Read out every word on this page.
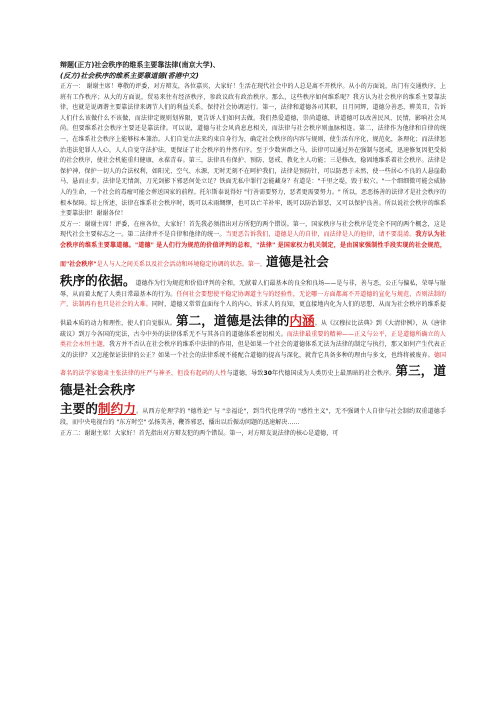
辩题(正方)社会秩序的维系主要靠法律(南京大学)、

(反方)社会秩序的维系主要靠道德(香港中文)

正方一： 谢谢主席！尊敬的评委，对方辩友，各位嘉宾，大家好！生活在现代社会中的人总是离不开秩序。从小的方面说，出门有交通秩序，上班有工作秩序；从大的方面说，贸易来往有经济秩序，参政议政有政治秩序。那么，这些秩序如何维系呢？我方认为社会秩序的维系主要靠法律，也就是说调谐主要靠法律来调节人们的利益关系，保持社会协调运行。第一，法律和道德各司其职，日月同辉，道德分善恶，辨美丑，告诉人们什么该做什么不该做，而法律定规则划界限，更告诉人们如何去做。我们热爱道德，崇尚道德，讲道德可以改善民风、民情，影响社会风尚。但要维系社会秩序主要还是靠法律。可以说，道德与社会风尚息息相关，而法律与社会秩序则血脉相连。第二，法律作为他律和自律的统一，在维系社会秩序上能够标本兼治。人们自觉立法来约束自身行为，确定社会秩序的内容与规则，使生活有序化，规范化，条理化；而法律惩治违法犯罪人人心，人人自觉守法护法，更保证了社会秩序的井然有序。至于少数害群之马，法律可以通过外在强制与惩戒，迅速修复因犯受损的社会秩序，使社会机能重归健康，永葆青春。第三，法律具有保护、预防、惩戒、教化主人功能；三是修改，稳固地维系着社会秩序。法律是保护神，保护一切人的合法权利，如阳光、空气、水源，无时无刻不在呵护我们，法律是预防针，可以防患于未然，使一些居心不良的人悬崖勒马，悬而止步。法律是无情剑，刀光剑影下邪恶何处立足？铁面无私中罪行怎能藏身？有道是："千里之堤，毁于蚁穴。"一个细细微可能会威胁人的生命，一个社会的毒瘤可能会葬送国家的前程。托尔斯泰说得好 "行善需要努力，恶者更需要努力。" 所以，恶恶扬善的法律才是社会秩序的根本保障。综上所述，法律在维系社会秩序时，既可以未雨绸缪，也可以亡羊补牢，既可以防治罪恶，又可以保护良善。所以说社会秩序的维系主要靠法律！谢谢各位！

反方一：谢谢主席！评委，在座各位，大家好！首先我必须指出对方所犯的两个错误。第一，国家秩序与社会秩序是完全不同的两个概念，这是现代社会主要标志之一。第二法律并不是自律和他律的统一。当更恶告诉我们，道德是人的自律，而法律是人的他律，请不要混淆。我方认为社会秩序的维系主要靠道德。"道德" 是人们行为规范的价值评判的总和，"法律" 是国家权力机关制定，是由国家强制性手段实现的社会规范，而"社会秩序"是人与人之间关系以及社会活动和环境稳定协调的状态。第一，道德是社会
秩序的依据。道德作为行为规范和价值评判的全和，无献着人们最基本的良全和良场——是与非，善与恶，公正与偏私，荣辱与耻辱，从而着太配了人类日常最基本的行为。任何社会要想使平稳定协调道主与的经验性，无论哪一方面都离不开道德的宣化与规范，否则法制的产，法制再有也只是社会的大难。同时，道德又常常直面每个人的内心，诉求人的良知，更直接地内化为人们的思想，从而为社会秩序的维系提供最本质的动力和理性，使人们自觉服从。第二，道德是法律的内涵。从《汉穆拉比法典》到《大清律例》，从《唐律疏议》到万今各国的宪法，古今中外的法律体系无不与其各自的道德体系密切相关。而法律最重要的精神——正义与公平，正是道德所确立的人类社会永恒主题，我方并不否认在社会秩序的维系中法律的作用，但是如果一个社会的道德体系无法为法律的制定与执行，那又如何产生代表正义的法律？又怎能保证法律的公正？如果一个社会的法律系统不能配合道德的提高与深化，就背它具备多种的理由与多文，也终将被废弃。德国著名的法学家德肃主张法律的庄严与神圣，但没有起码的人性与道德，导致30年代德国成为人类历史上最黑暗的社会秩序。第三，道德是社会秩序
主要的制约力。从西方伦理学的 "德性论" 与 "幸福论"，到当代伦理学的 "感性主义"，无不强调个人自律与社会制约双重道德手段，而中央电视台的 "东方时空" 弘扬美善，鞭答邪恶，播出以后振动问题的迅速解决……

正方二：谢谢主席！大家好！首先指出对方辩友犯的两个错误。第一，对方辩友说法律的核心是道德，可
